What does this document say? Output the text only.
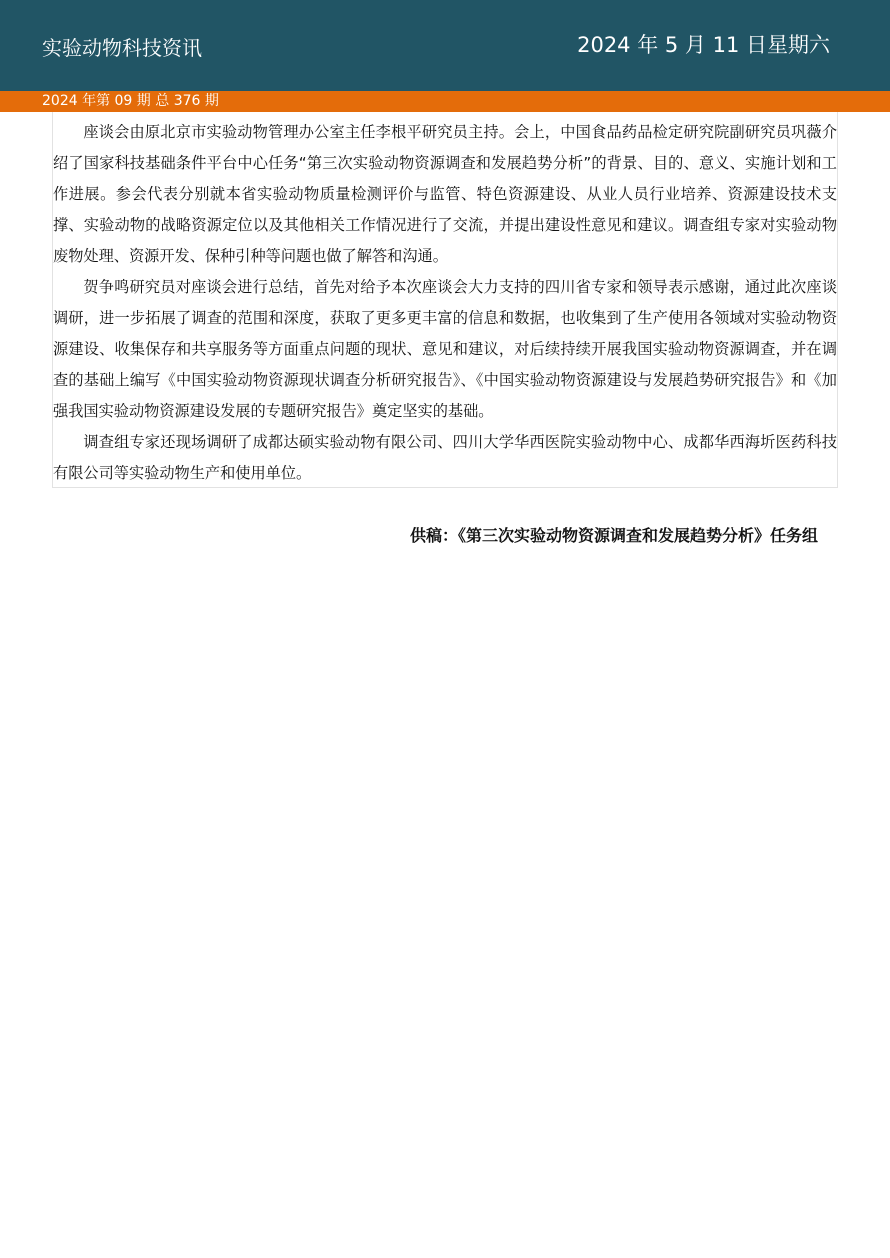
实验动物科技资讯	2024 年 5 月 11 日星期六
2024 年第 09 期 总 376 期

座谈会由原北京市实验动物管理办公室主任李根平研究员主持。会上，中国食品药品检定研究院副研究员巩薇介绍了国家科技基础条件平台中心任务“第三次实验动物资源调查和发展趋势分析”的背景、目的、意义、实施计划和工作进展。参会代表分别就本省实验动物质量检测评价与监管、特色资源建设、从业人员行业培养、资源建设技术支撑、实验动物的战略资源定位以及其他相关工作情况进行了交流，并提出建设性意见和建议。调查组专家对实验动物废物处理、资源开发、保种引种等问题也做了解答和沟通。

贺争鸣研究员对座谈会进行总结，首先对给予本次座谈会大力支持的四川省专家和领导表示感谢，通过此次座谈调研，进一步拓展了调查的范围和深度，获取了更多更丰富的信息和数据，也收集到了生产使用各领域对实验动物资源建设、收集保存和共享服务等方面重点问题的现状、意见和建议，对后续持续开展我国实验动物资源调查，并在调查的基础上编写《中国实验动物资源现状调查分析研究报告》、《中国实验动物资源建设与发展趋势研究报告》和《加强我国实验动物资源建设发展的专题研究报告》奠定坚实的基础。

调查组专家还现场调研了成都达硕实验动物有限公司、四川大学华西医院实验动物中心、成都华西海圻医药科技有限公司等实验动物生产和使用单位。

供稿：《第三次实验动物资源调查和发展趋势分析》任务组
